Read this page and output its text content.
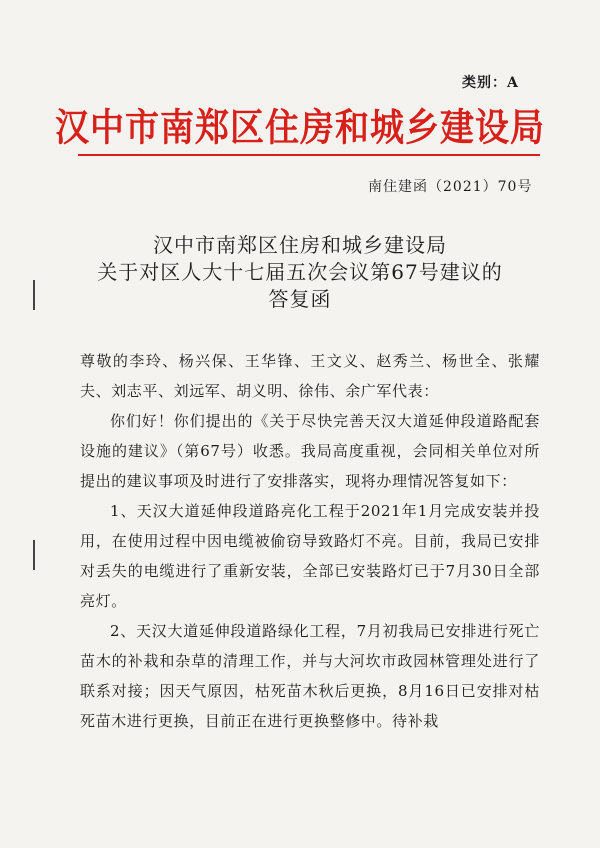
类别：A
汉中市南郑区住房和城乡建设局
南住建函（2021）70号
汉中市南郑区住房和城乡建设局
关于对区人大十七届五次会议第67号建议的
答复函

尊敬的李玲、杨兴保、王华锋、王文义、赵秀兰、杨世全、张耀夫、刘志平、刘远军、胡义明、徐伟、余广军代表：

你们好！你们提出的《关于尽快完善天汉大道延伸段道路配套设施的建议》（第67号）收悉。我局高度重视，会同相关单位对所提出的建议事项及时进行了安排落实，现将办理情况答复如下：

1、天汉大道延伸段道路亮化工程于2021年1月完成安装并投用，在使用过程中因电缆被偷窃导致路灯不亮。目前，我局已安排对丢失的电缆进行了重新安装，全部已安装路灯已于7月30日全部亮灯。

2、天汉大道延伸段道路绿化工程，7月初我局已安排进行死亡苗木的补栽和杂草的清理工作，并与大河坎市政园林管理处进行了联系对接；因天气原因，枯死苗木秋后更换，8月16日已安排对枯死苗木进行更换，目前正在进行更换整修中。待补栽
